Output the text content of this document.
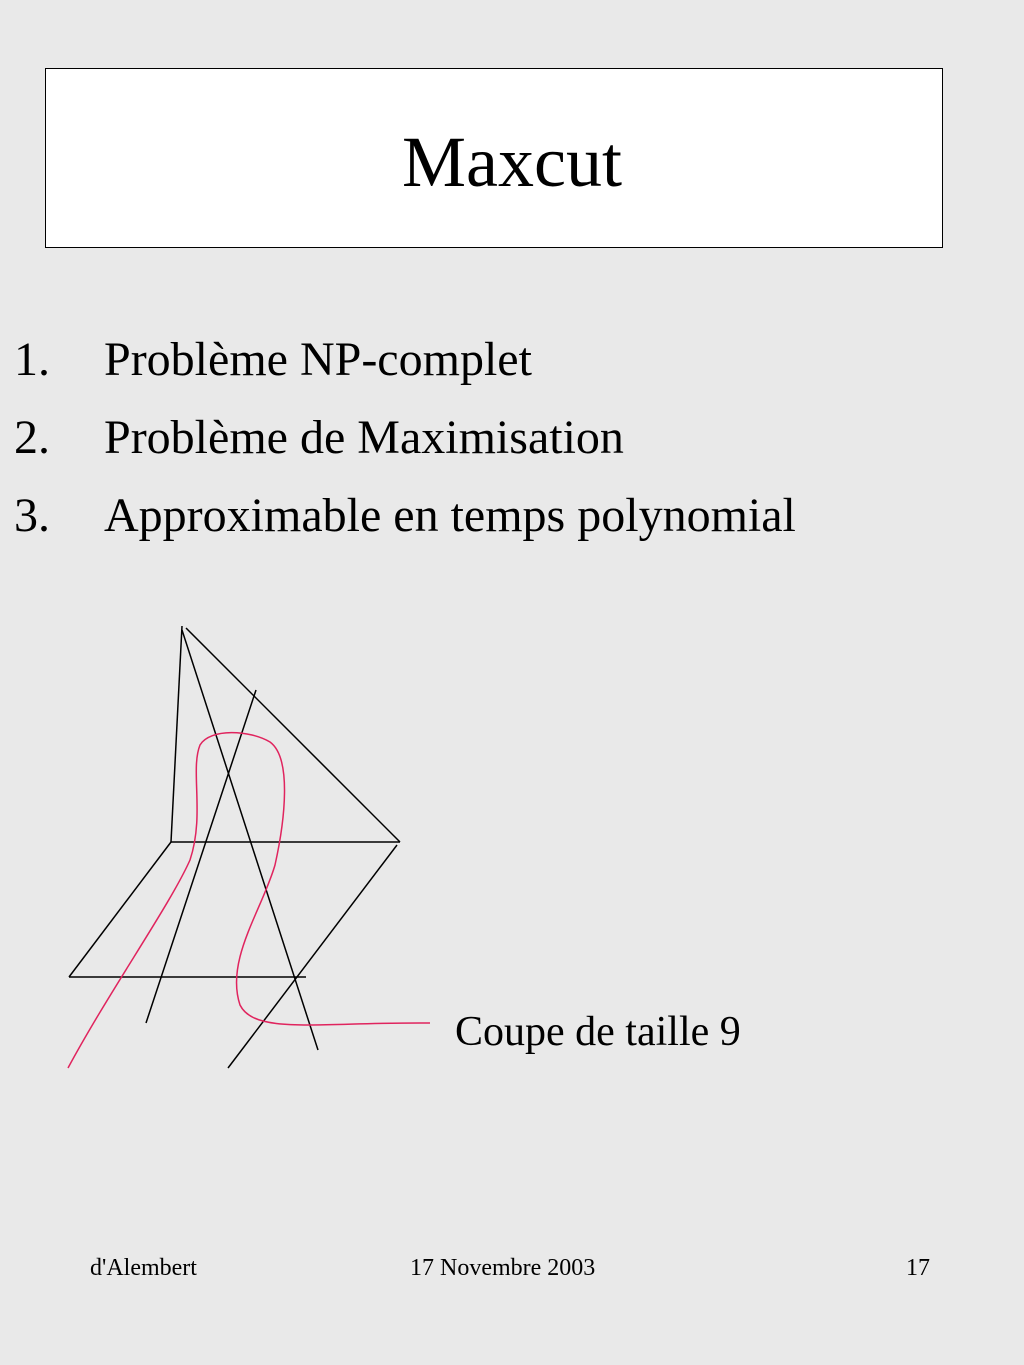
Maxcut
1. Problème NP-complet
2. Problème de Maximisation
3. Approximable en temps polynomial
Coupe de taille 9
d'Alembert	17 Novembre 2003	17
